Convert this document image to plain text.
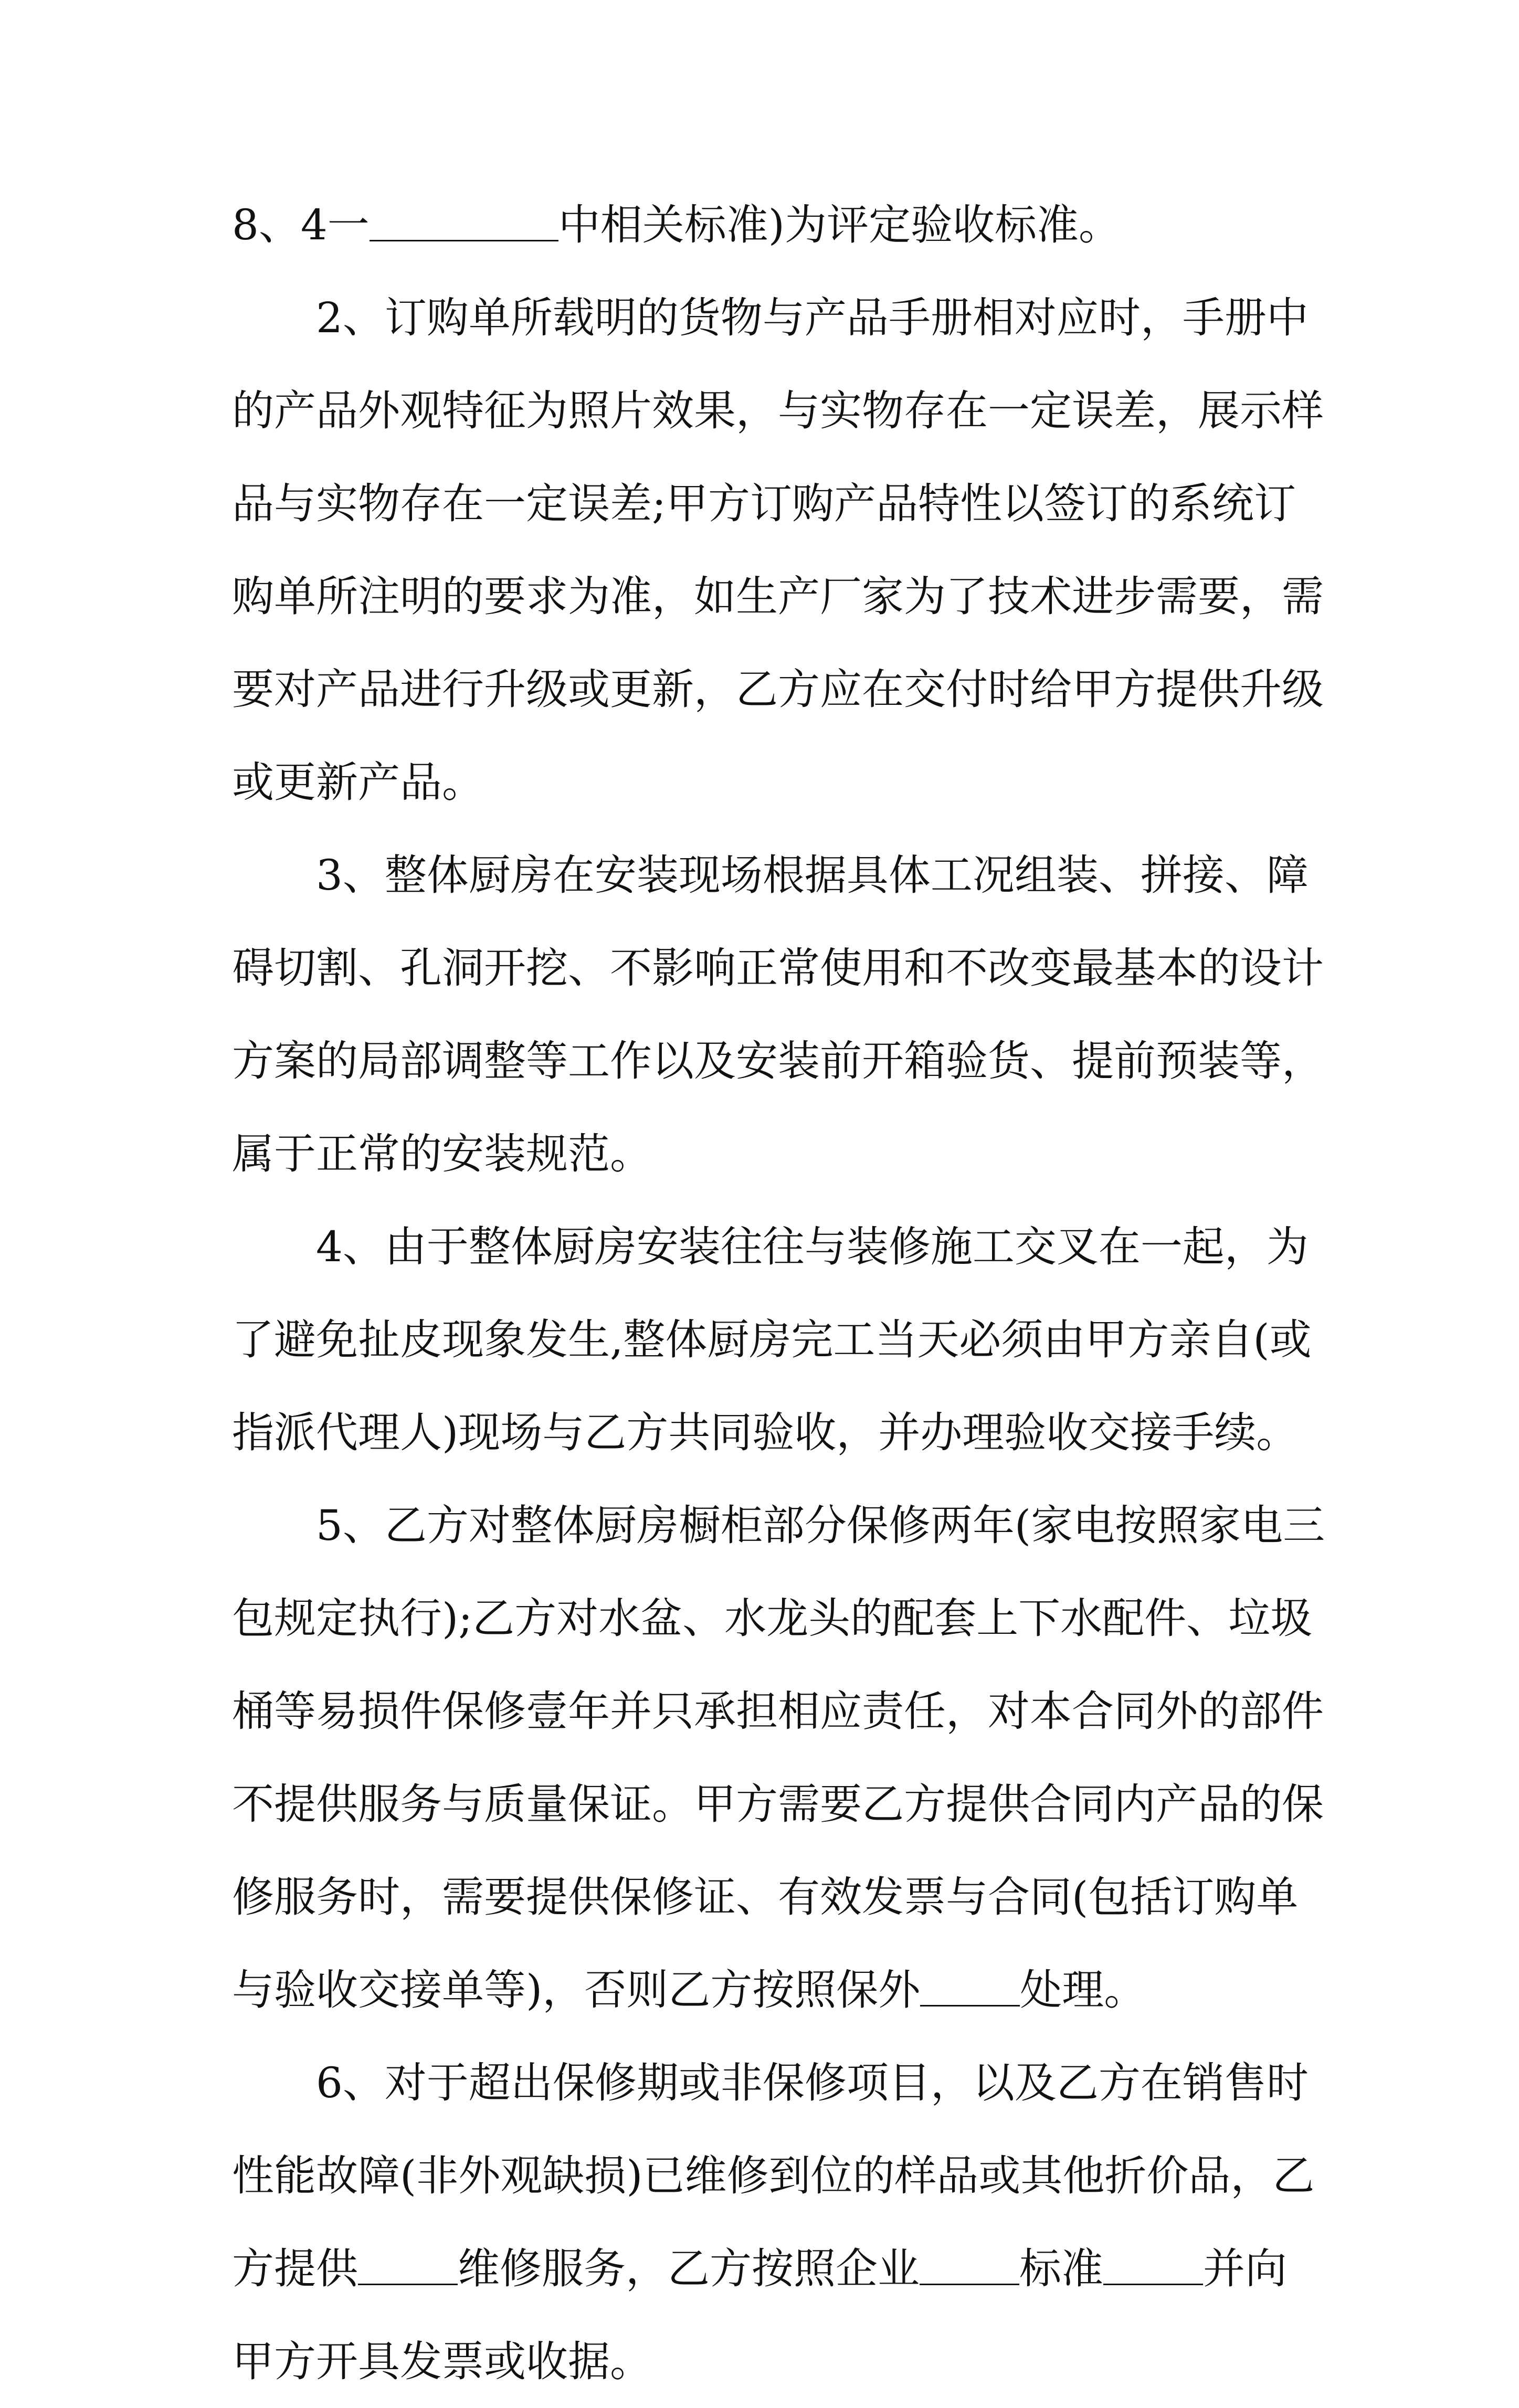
8、4一	中相关标准)为评定验收标准。
2、订购单所载明的货物与产品手册相对应时，手册中
的产品外观特征为照片效果，与实物存在一定误差，展示样
品与实物存在一定误差;甲方订购产品特性以签订的系统订
购单所注明的要求为准，如生产厂家为了技术进步需要，需
要对产品进行升级或更新，乙方应在交付时给甲方提供升级
或更新产品。
3、整体厨房在安装现场根据具体工况组装、拼接、障
碍切割、孔洞开挖、不影响正常使用和不改变最基本的设计
方案的局部调整等工作以及安装前开箱验货、提前预装等，
属于正常的安装规范。
4、由于整体厨房安装往往与装修施工交叉在一起，为
了避免扯皮现象发生,整体厨房完工当天必须由甲方亲自(或
指派代理人)现场与乙方共同验收，并办理验收交接手续。
5、乙方对整体厨房橱柜部分保修两年(家电按照家电三
包规定执行);乙方对水盆、水龙头的配套上下水配件、垃圾
桶等易损件保修壹年并只承担相应责任，对本合同外的部件
不提供服务与质量保证。甲方需要乙方提供合同内产品的保
修服务时，需要提供保修证、有效发票与合同(包括订购单
与验收交接单等)，否则乙方按照保外 处理。
6、对于超出保修期或非保修项目，以及乙方在销售时
性能故障(非外观缺损)已维修到位的样品或其他折价品，乙
方提供 维修服务，乙方按照企业 标准 并向
甲方开具发票或收据。
